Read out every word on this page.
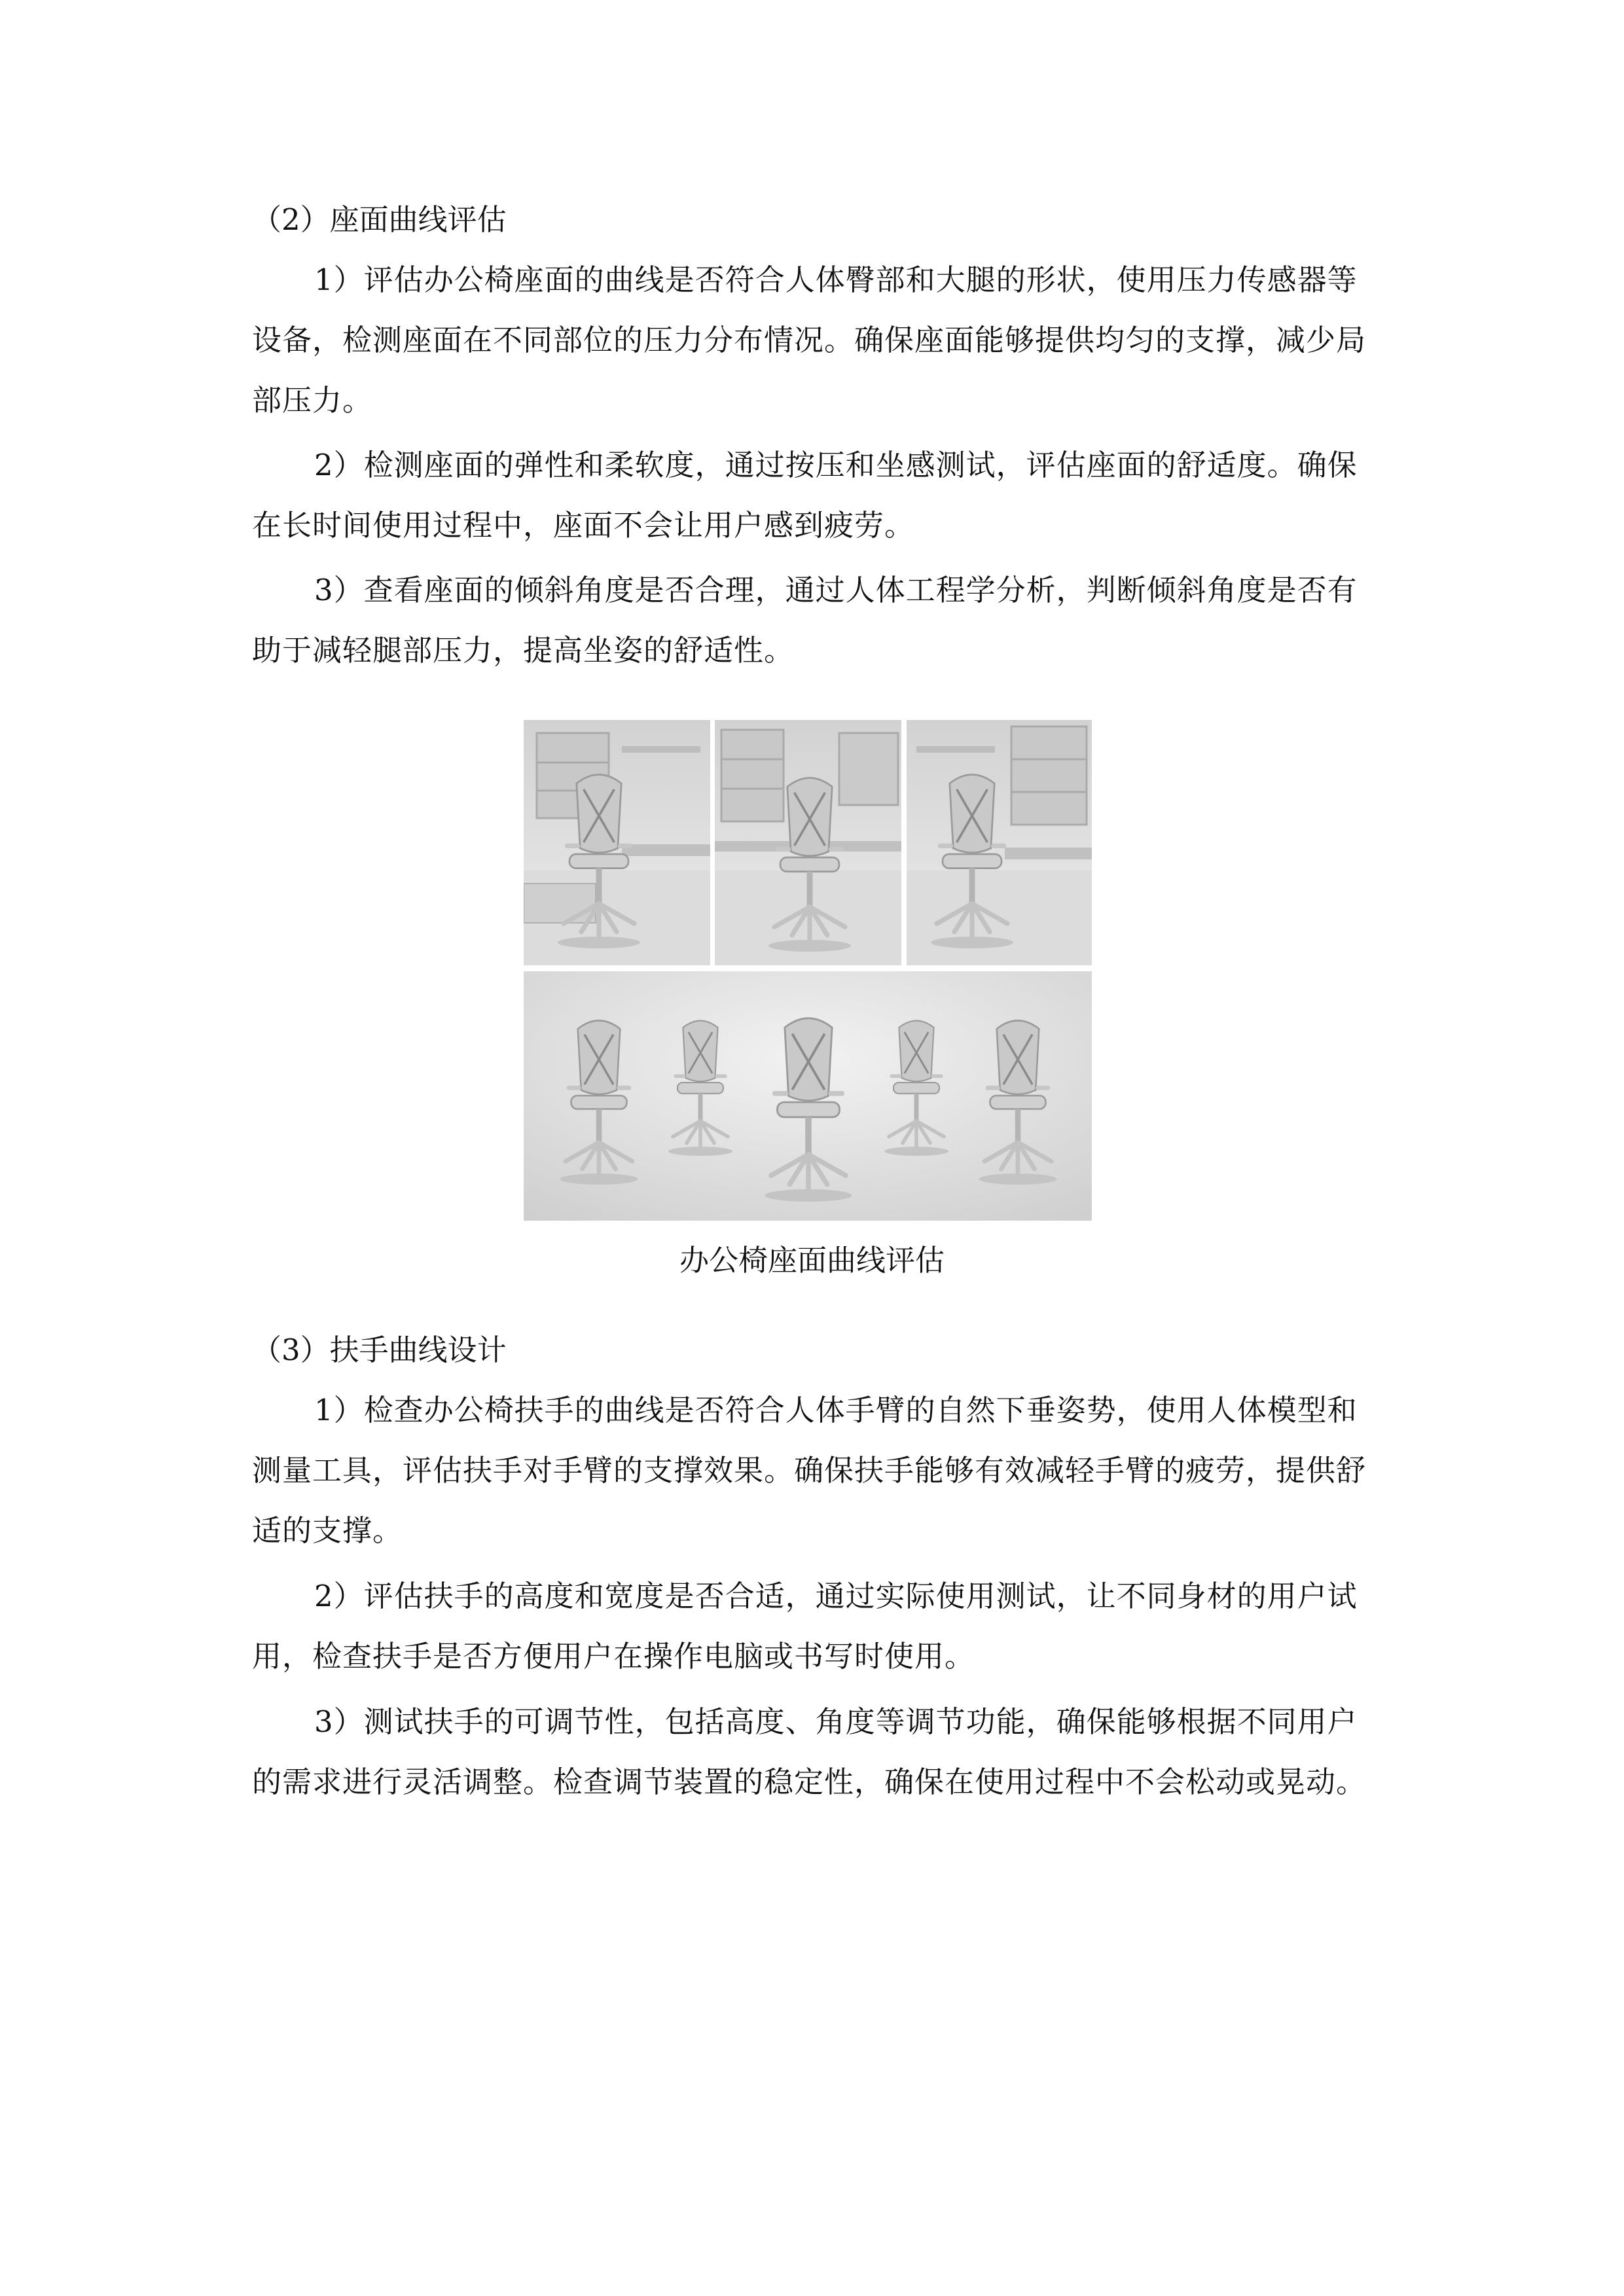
（2）座面曲线评估

1）评估办公椅座面的曲线是否符合人体臀部和大腿的形状，使用压力传感器等设备，检测座面在不同部位的压力分布情况。确保座面能够提供均匀的支撑，减少局部压力。

2）检测座面的弹性和柔软度，通过按压和坐感测试，评估座面的舒适度。确保在长时间使用过程中，座面不会让用户感到疲劳。

3）查看座面的倾斜角度是否合理，通过人体工程学分析，判断倾斜角度是否有助于减轻腿部压力，提高坐姿的舒适性。

办公椅座面曲线评估

（3）扶手曲线设计

1）检查办公椅扶手的曲线是否符合人体手臂的自然下垂姿势，使用人体模型和测量工具，评估扶手对手臂的支撑效果。确保扶手能够有效减轻手臂的疲劳，提供舒适的支撑。

2）评估扶手的高度和宽度是否合适，通过实际使用测试，让不同身材的用户试用，检查扶手是否方便用户在操作电脑或书写时使用。

3）测试扶手的可调节性，包括高度、角度等调节功能，确保能够根据不同用户的需求进行灵活调整。检查调节装置的稳定性，确保在使用过程中不会松动或晃动。
